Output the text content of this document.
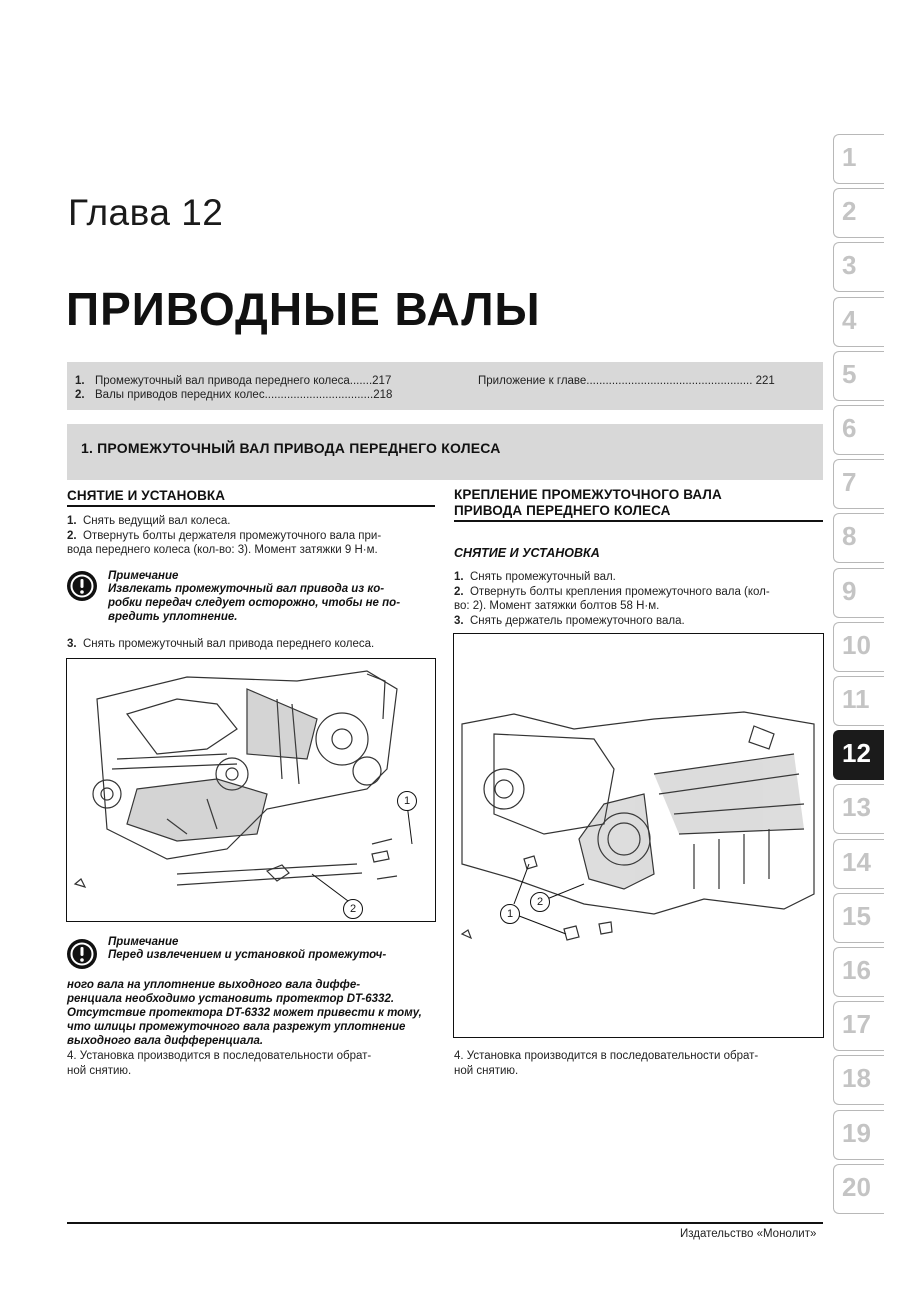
Глава 12
ПРИВОДНЫЕ ВАЛЫ
1. Промежуточный вал привода переднего колеса.......217
2. Валы приводов передних колес..................................218
Приложение к главе.................................................... 221
1. ПРОМЕЖУТОЧНЫЙ ВАЛ ПРИВОДА ПЕРЕДНЕГО КОЛЕСА
СНЯТИЕ И УСТАНОВКА
1. Снять ведущий вал колеса.
2. Отвернуть болты держателя промежуточного вала при-
вода переднего колеса (кол-во: 3). Момент затяжки 9 Н·м.
Примечание
Извлекать промежуточный вал привода из ко-
робки передач следует осторожно, чтобы не по-
вредить уплотнение.
3. Снять промежуточный вал привода переднего колеса.
1
2
Примечание
Перед извлечением и установкой промежуточ-
ного вала на уплотнение выходного вала диффе-
ренциала необходимо установить протектор DT-6332.
Отсутствие протектора DT-6332 может привести к тому,
что шлицы промежуточного вала разрежут уплотнение
выходного вала дифференциала.
4. Установка производится в последовательности обрат-
ной снятию.
КРЕПЛЕНИЕ ПРОМЕЖУТОЧНОГО ВАЛА
ПРИВОДА ПЕРЕДНЕГО КОЛЕСА
СНЯТИЕ И УСТАНОВКА
1. Снять промежуточный вал.
2. Отвернуть болты крепления промежуточного вала (кол-
во: 2). Момент затяжки болтов 58 Н·м.
3. Снять держатель промежуточного вала.
1
2
4. Установка производится в последовательности обрат-
ной снятию.
1
2
3
4
5
6
7
8
9
10
11
12
13
14
15
16
17
18
19
20
Издательство «Монолит»
